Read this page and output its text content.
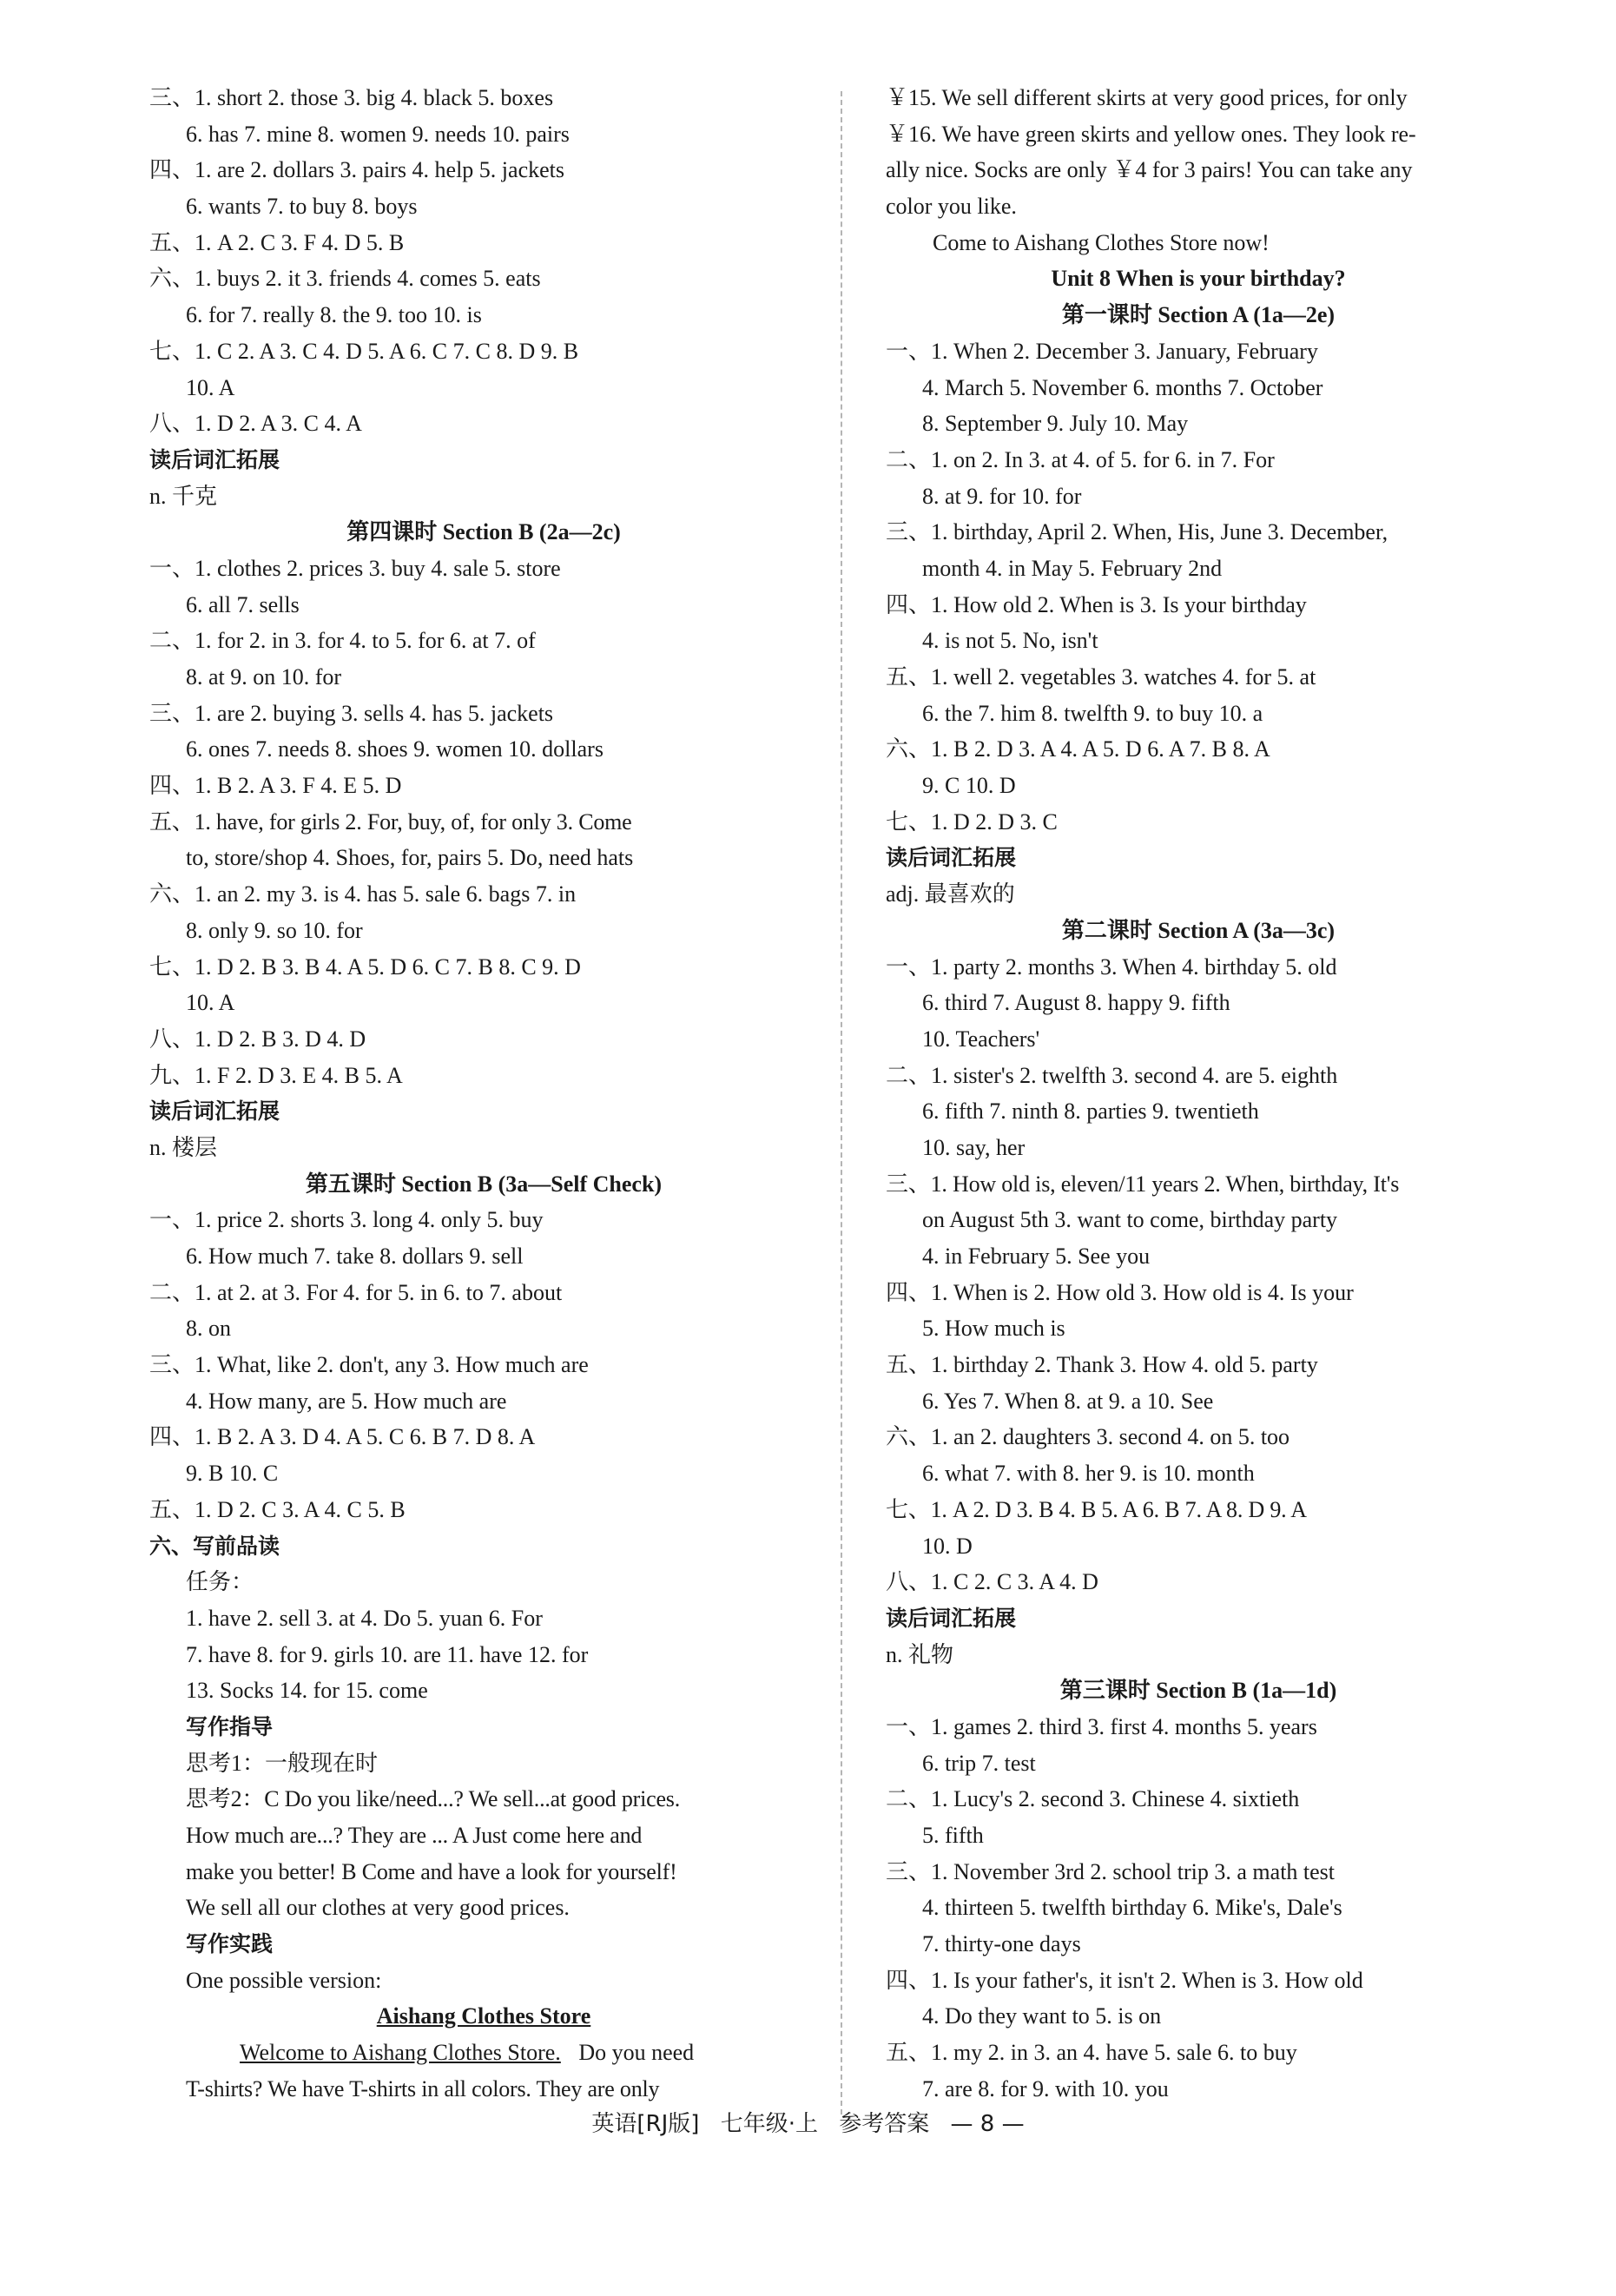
三、1. short 2. those 3. big 4. black 5. boxes
6. has 7. mine 8. women 9. needs 10. pairs
四、1. are 2. dollars 3. pairs 4. help 5. jackets
6. wants 7. to buy 8. boys
五、1. A 2. C 3. F 4. D 5. B
六、1. buys 2. it 3. friends 4. comes 5. eats
6. for 7. really 8. the 9. too 10. is
七、1. C 2. A 3. C 4. D 5. A 6. C 7. C 8. D 9. B
10. A
八、1. D 2. A 3. C 4. A
读后词汇拓展
n. 千克
第四课时 Section B (2a—2c)
一、1. clothes 2. prices 3. buy 4. sale 5. store
6. all 7. sells
二、1. for 2. in 3. for 4. to 5. for 6. at 7. of
8. at 9. on 10. for
三、1. are 2. buying 3. sells 4. has 5. jackets
6. ones 7. needs 8. shoes 9. women 10. dollars
四、1. B 2. A 3. F 4. E 5. D
五、1. have, for girls 2. For, buy, of, for only 3. Come
to, store/shop 4. Shoes, for, pairs 5. Do, need hats
六、1. an 2. my 3. is 4. has 5. sale 6. bags 7. in
8. only 9. so 10. for
七、1. D 2. B 3. B 4. A 5. D 6. C 7. B 8. C 9. D
10. A
八、1. D 2. B 3. D 4. D
九、1. F 2. D 3. E 4. B 5. A
读后词汇拓展
n. 楼层
第五课时 Section B (3a—Self Check)
一、1. price 2. shorts 3. long 4. only 5. buy
6. How much 7. take 8. dollars 9. sell
二、1. at 2. at 3. For 4. for 5. in 6. to 7. about
8. on
三、1. What, like 2. don't, any 3. How much are
4. How many, are 5. How much are
四、1. B 2. A 3. D 4. A 5. C 6. B 7. D 8. A
9. B 10. C
五、1. D 2. C 3. A 4. C 5. B
六、写前品读
任务：
1. have 2. sell 3. at 4. Do 5. yuan 6. For
7. have 8. for 9. girls 10. are 11. have 12. for
13. Socks 14. for 15. come
写作指导
思考1：一般现在时
思考2：C Do you like/need...? We sell...at good prices.
How much are...? They are ... A Just come here and
make you better! B Come and have a look for yourself!
We sell all our clothes at very good prices.
写作实践
One possible version:
Aishang Clothes Store
Welcome to Aishang Clothes Store. Do you need
T-shirts? We have T-shirts in all colors. They are only
￥15. We sell different skirts at very good prices, for only
￥16. We have green skirts and yellow ones. They look re-
ally nice. Socks are only ￥4 for 3 pairs! You can take any
color you like.
Come to Aishang Clothes Store now!
Unit 8 When is your birthday?
第一课时 Section A (1a—2e)
一、1. When 2. December 3. January, February
4. March 5. November 6. months 7. October
8. September 9. July 10. May
二、1. on 2. In 3. at 4. of 5. for 6. in 7. For
8. at 9. for 10. for
三、1. birthday, April 2. When, His, June 3. December,
month 4. in May 5. February 2nd
四、1. How old 2. When is 3. Is your birthday
4. is not 5. No, isn't
五、1. well 2. vegetables 3. watches 4. for 5. at
6. the 7. him 8. twelfth 9. to buy 10. a
六、1. B 2. D 3. A 4. A 5. D 6. A 7. B 8. A
9. C 10. D
七、1. D 2. D 3. C
读后词汇拓展
adj. 最喜欢的
第二课时 Section A (3a—3c)
一、1. party 2. months 3. When 4. birthday 5. old
6. third 7. August 8. happy 9. fifth
10. Teachers'
二、1. sister's 2. twelfth 3. second 4. are 5. eighth
6. fifth 7. ninth 8. parties 9. twentieth
10. say, her
三、1. How old is, eleven/11 years 2. When, birthday, It's
on August 5th 3. want to come, birthday party
4. in February 5. See you
四、1. When is 2. How old 3. How old is 4. Is your
5. How much is
五、1. birthday 2. Thank 3. How 4. old 5. party
6. Yes 7. When 8. at 9. a 10. See
六、1. an 2. daughters 3. second 4. on 5. too
6. what 7. with 8. her 9. is 10. month
七、1. A 2. D 3. B 4. B 5. A 6. B 7. A 8. D 9. A
10. D
八、1. C 2. C 3. A 4. D
读后词汇拓展
n. 礼物
第三课时 Section B (1a—1d)
一、1. games 2. third 3. first 4. months 5. years
6. trip 7. test
二、1. Lucy's 2. second 3. Chinese 4. sixtieth
5. fifth
三、1. November 3rd 2. school trip 3. a math test
4. thirteen 5. twelfth birthday 6. Mike's, Dale's
7. thirty-one days
四、1. Is your father's, it isn't 2. When is 3. How old
4. Do they want to 5. is on
五、1. my 2. in 3. an 4. have 5. sale 6. to buy
7. are 8. for 9. with 10. you
英语[RJ版] 七年级·上 参考答案 — 8 —
